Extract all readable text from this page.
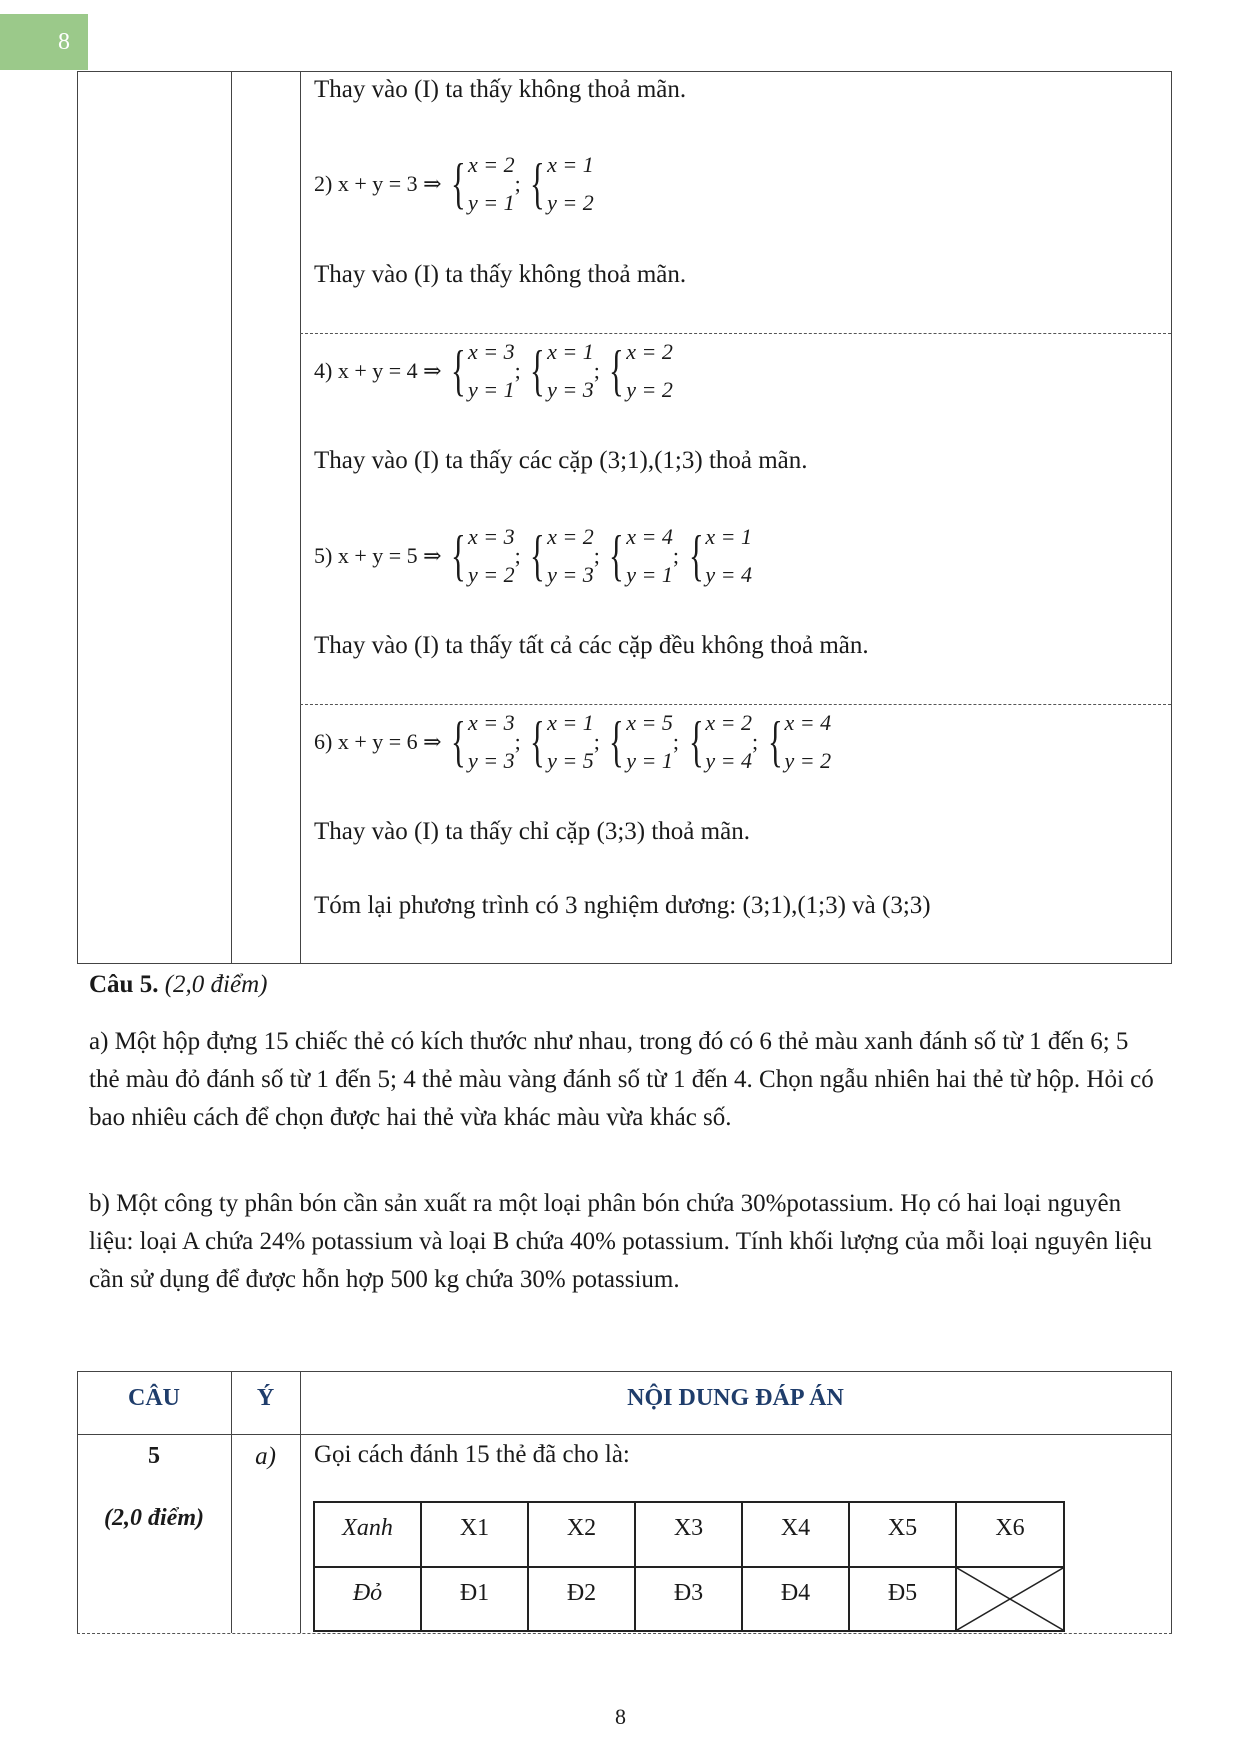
8
Thay vào (I) ta thấy không thoả mãn.
2) x + y = 3 ⇒ {x = 2
y = 1; {x = 1
y = 2
Thay vào (I) ta thấy không thoả mãn.
4) x + y = 4 ⇒ {x = 3
y = 1; {x = 1
y = 3; {x = 2
y = 2
Thay vào (I) ta thấy các cặp (3;1),(1;3) thoả mãn.
5) x + y = 5 ⇒ {x = 3
y = 2; {x = 2
y = 3; {x = 4
y = 1; {x = 1
y = 4
Thay vào (I) ta thấy tất cả các cặp đều không thoả mãn.
6) x + y = 6 ⇒ {x = 3
y = 3; {x = 1
y = 5; {x = 5
y = 1; {x = 2
y = 4; {x = 4
y = 2
Thay vào (I) ta thấy chỉ cặp (3;3) thoả mãn.
Tóm lại phương trình có 3 nghiệm dương: (3;1),(1;3) và (3;3)
Câu 5. (2,0 điểm)
a) Một hộp đựng 15 chiếc thẻ có kích thước như nhau, trong đó có 6 thẻ màu xanh đánh số từ 1 đến 6; 5 thẻ màu đỏ đánh số từ 1 đến 5; 4 thẻ màu vàng đánh số từ 1 đến 4. Chọn ngẫu nhiên hai thẻ từ hộp. Hỏi có bao nhiêu cách để chọn được hai thẻ vừa khác màu vừa khác số.
b) Một công ty phân bón cần sản xuất ra một loại phân bón chứa 30%potassium. Họ có hai loại nguyên liệu: loại A chứa 24% potassium và loại B chứa 40% potassium. Tính khối lượng của mỗi loại nguyên liệu cần sử dụng để được hỗn hợp 500 kg chứa 30% potassium.
CÂU	Ý	NỘI DUNG ĐÁP ÁN
5
(2,0 điểm)
a)	Gọi cách đánh 15 thẻ đã cho là:
Xanh	X1	X2	X3	X4	X5	X6
Đỏ	Đ1	Đ2	Đ3	Đ4	Đ5
8
